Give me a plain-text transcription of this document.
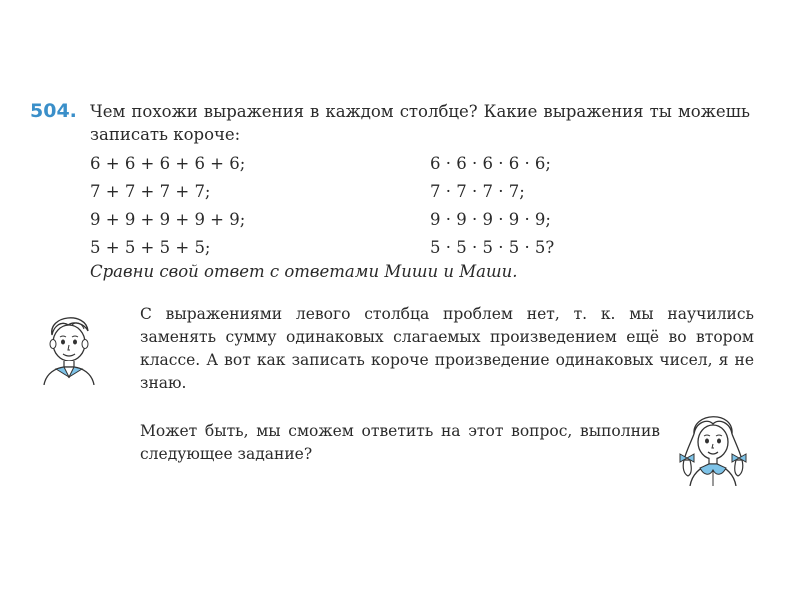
504. Чем похожи выражения в каждом столбце? Какие выражения ты можешь записать короче:
6 + 6 + 6 + 6 + 6;
7 + 7 + 7 + 7;
9 + 9 + 9 + 9 + 9;
5 + 5 + 5 + 5;
6 · 6 · 6 · 6 · 6;
7 · 7 · 7 · 7;
9 · 9 · 9 · 9 · 9;
5 · 5 · 5 · 5 · 5?
Сравни свой ответ с ответами Миши и Маши.
С выражениями левого столбца проблем нет, т. к. мы научились заменять сумму одинаковых слагаемых произведением ещё во втором классе. А вот как записать короче произведение одинаковых чисел, я не знаю.
Может быть, мы сможем ответить на этот вопрос, выполнив следующее задание?
